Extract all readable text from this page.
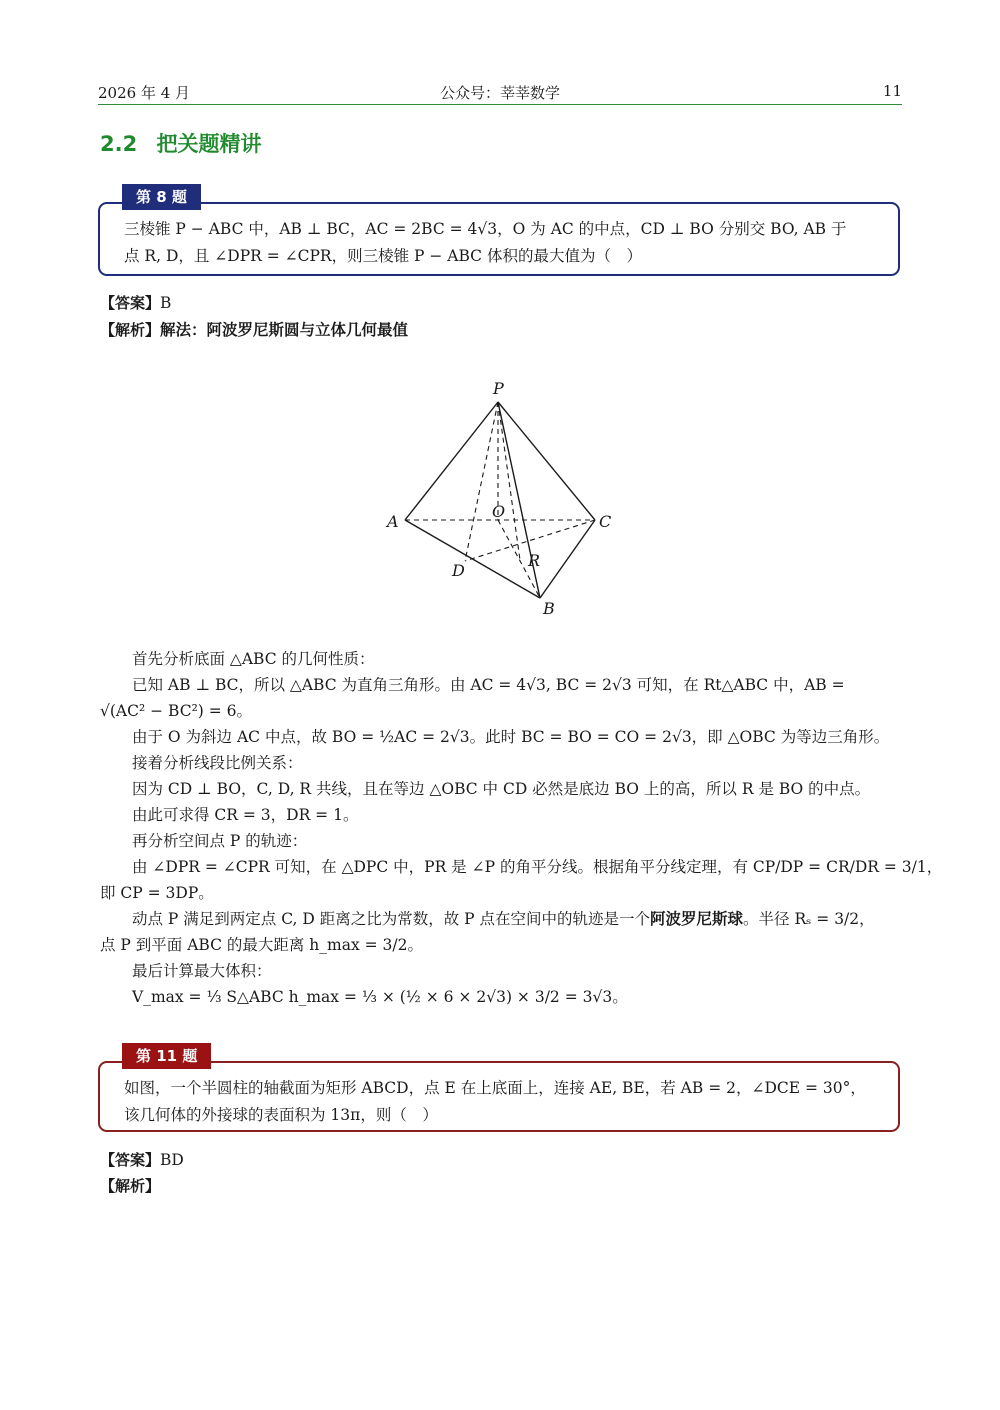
2026 年 4 月	公众号：莘莘数学	11
2.2 把关题精讲
三棱锥 P − ABC 中，AB ⊥ BC，AC = 2BC = 4√3，O 为 AC 的中点，CD ⊥ BO 分别交 BO, AB 于
点 R, D，且 ∠DPR = ∠CPR，则三棱锥 P − ABC 体积的最大值为（　）
第 8 题
【答案】B
【解析】解法：阿波罗尼斯圆与立体几何最值
P
A	C
O
R
D
B
首先分析底面 △ABC 的几何性质：
已知 AB ⊥ BC，所以 △ABC 为直角三角形。由 AC = 4√3, BC = 2√3 可知，在 Rt△ABC 中，AB =
√(AC² − BC²) = 6。
由于 O 为斜边 AC 中点，故 BO = ½AC = 2√3。此时 BC = BO = CO = 2√3，即 △OBC 为等边三角形。
接着分析线段比例关系：
因为 CD ⊥ BO，C, D, R 共线，且在等边 △OBC 中 CD 必然是底边 BO 上的高，所以 R 是 BO 的中点。
由此可求得 CR = 3，DR = 1。
再分析空间点 P 的轨迹：
由 ∠DPR = ∠CPR 可知，在 △DPC 中，PR 是 ∠P 的角平分线。根据角平分线定理，有 CP/DP = CR/DR = 3/1，
即 CP = 3DP。
动点 P 满足到两定点 C, D 距离之比为常数，故 P 点在空间中的轨迹是一个阿波罗尼斯球。半径 Rₛ = 3/2，
点 P 到平面 ABC 的最大距离 h_max = 3/2。
最后计算最大体积：
V_max = ⅓ S△ABC h_max = ⅓ × (½ × 6 × 2√3) × 3/2 = 3√3。
如图，一个半圆柱的轴截面为矩形 ABCD，点 E 在上底面上，连接 AE, BE，若 AB = 2，∠DCE = 30°，
该几何体的外接球的表面积为 13π，则（　）
第 11 题
【答案】BD
【解析】
